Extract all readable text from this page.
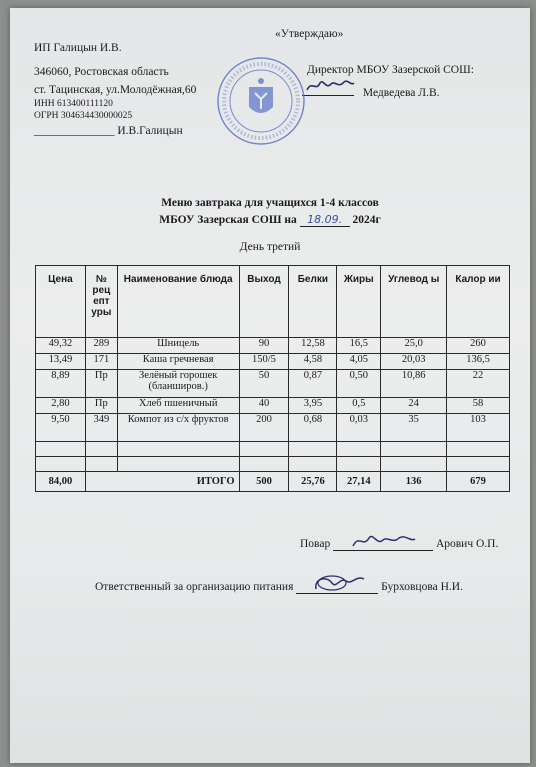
ИП Галицын И.В.
346060, Ростовская область
ст. Тацинская, ул.Молодёжная,60
ИНН 613400111120
ОГРН 304634430000025
______________ И.В.Галицын
«Утверждаю»
Директор МБОУ Зазерской СОШ:
Медведева Л.В.
Меню завтрака для учащихся 1-4 классов
МБОУ Зазерская СОШ на 18.09. 2024г
День третий
Цена	№ рец епт уры	Наименование блюда	Выход	Белки	Жиры	Углевод ы	Калор ии
49,32	289	Шницель	90	12,58	16,5	25,0	260
13,49	171	Каша гречневая	150/5	4,58	4,05	20,03	136,5
8,89	Пр	Зелёный горошек (бланширов.)	50	0,87	0,50	10,86	22
2,80	Пр	Хлеб пшеничный	40	3,95	0,5	24	58
9,50	349	Компот из с/х фруктов	200	0,68	0,03	35	103

84,00	ИТОГО		500	25,76	27,14	136	679
Повар	Арович О.П.
Ответственный за организацию питания	Бурховцова Н.И.
